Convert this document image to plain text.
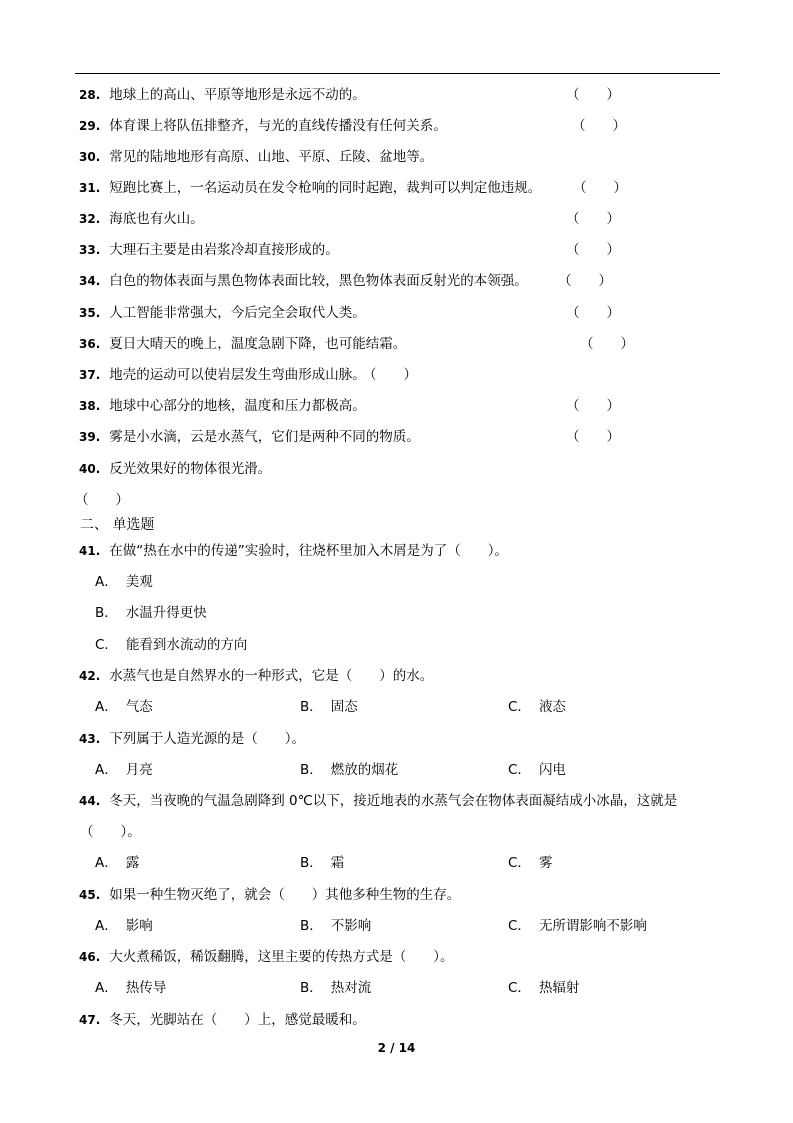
28. 地球上的高山、平原等地形是永远不动的。	（　　）
29. 体育课上将队伍排整齐，与光的直线传播没有任何关系。	（　　）
30. 常见的陆地地形有高原、山地、平原、丘陵、盆地等。
31. 短跑比赛上，一名运动员在发令枪响的同时起跑，裁判可以判定他违规。 （　　）
32. 海底也有火山。	（　　）
33. 大理石主要是由岩浆冷却直接形成的。	（　　）
34. 白色的物体表面与黑色物体表面比较，黑色物体表面反射光的本领强。 （　　）
35. 人工智能非常强大，今后完全会取代人类。	（　　）
36. 夏日大晴天的晚上，温度急剧下降，也可能结霜。	（　　）
37. 地壳的运动可以使岩层发生弯曲形成山脉。 （　　）
38. 地球中心部分的地核，温度和压力都极高。	（　　）
39. 雾是小水滴，云是水蒸气，它们是两种不同的物质。	（　　）
40. 反光效果好的物体很光滑。
（　　）
二、 单选题
41. 在做“热在水中的传递”实验时，往烧杯里加入木屑是为了（　　）。
A． 美观
B． 水温升得更快
C． 能看到水流动的方向
42. 水蒸气也是自然界水的一种形式，它是（　　）的水。
A． 气态	B． 固态	C． 液态
43. 下列属于人造光源的是（　　）。
A． 月亮	B． 燃放的烟花	C． 闪电
44. 冬天，当夜晚的气温急剧降到 0℃以下，接近地表的水蒸气会在物体表面凝结成小冰晶，这就是
（　　）。
A． 露	B． 霜	C． 雾
45. 如果一种生物灭绝了，就会（　　）其他多种生物的生存。
A． 影响	B． 不影响	C． 无所谓影响不影响
46. 大火煮稀饭，稀饭翻腾，这里主要的传热方式是（　　）。
A． 热传导	B． 热对流	C． 热辐射
47. 冬天，光脚站在（　　）上，感觉最暖和。
2 / 14
